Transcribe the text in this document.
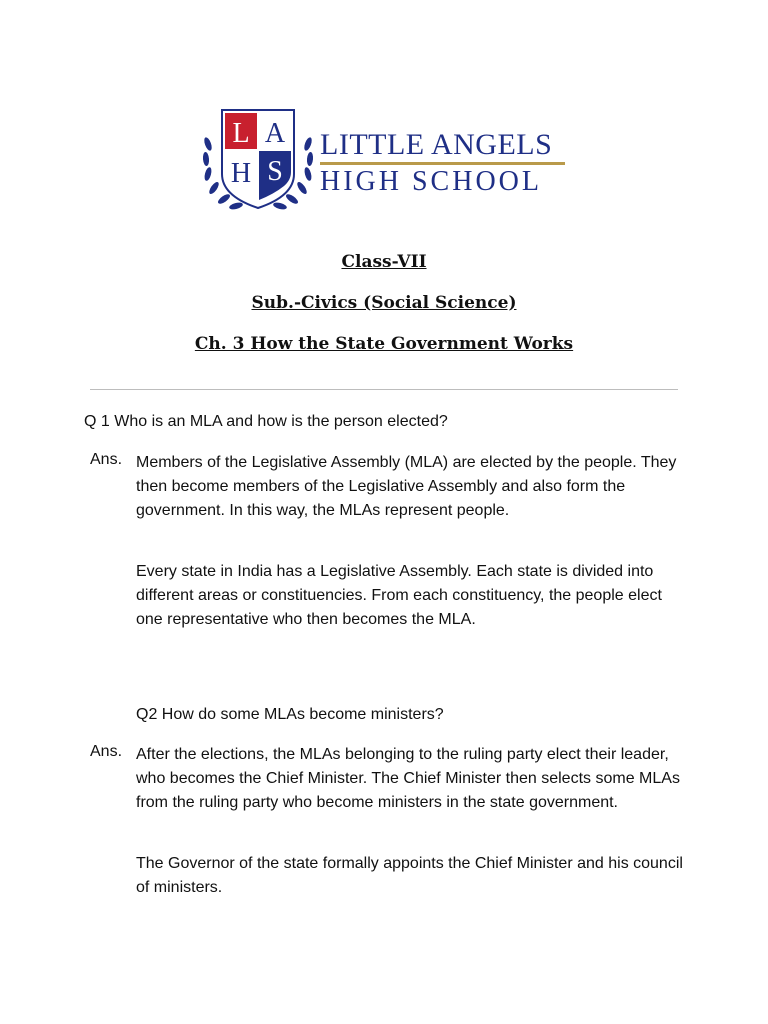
L A
H S
LITTLE ANGELS
HIGH SCHOOL
Class-VII
Sub.-Civics (Social Science)
Ch. 3 How the State Government Works
Q 1 Who is an MLA and how is the person elected?
Ans. Members of the Legislative Assembly (MLA) are elected by the people. They then become members of the Legislative Assembly and also form the government. In this way, the MLAs represent people.
Every state in India has a Legislative Assembly. Each state is divided into different areas or constituencies. From each constituency, the people elect one representative who then becomes the MLA.
Q2 How do some MLAs become ministers?
Ans. After the elections, the MLAs belonging to the ruling party elect their leader, who becomes the Chief Minister. The Chief Minister then selects some MLAs from the ruling party who become ministers in the state government.
The Governor of the state formally appoints the Chief Minister and his council of ministers.
